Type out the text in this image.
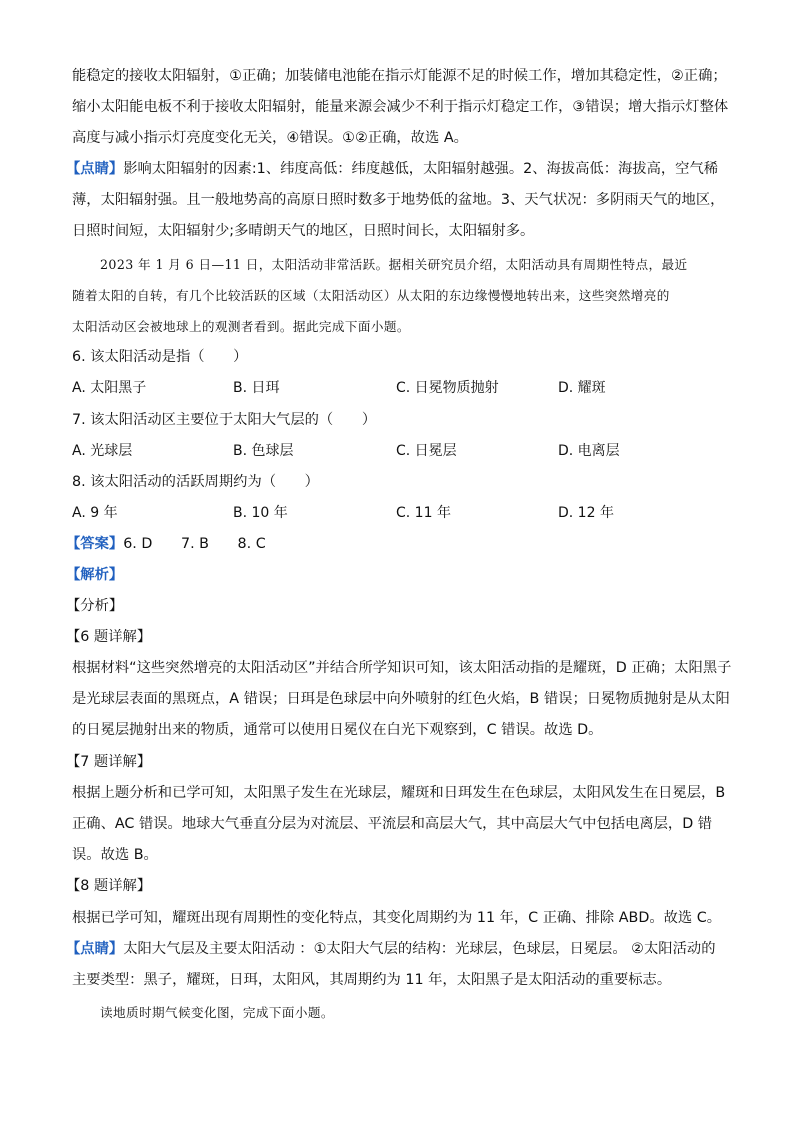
能稳定的接收太阳辐射，①正确；加装储电池能在指示灯能源不足的时候工作，增加其稳定性，②正确；
缩小太阳能电板不利于接收太阳辐射，能量来源会减少不利于指示灯稳定工作，③错误；增大指示灯整体
高度与减小指示灯亮度变化无关，④错误。①②正确，故选 A。
【点睛】影响太阳辐射的因素:1、纬度高低：纬度越低，太阳辐射越强。2、海拔高低：海拔高，空气稀
薄，太阳辐射强。且一般地势高的高原日照时数多于地势低的盆地。3、天气状况：多阴雨天气的地区，
日照时间短，太阳辐射少;多晴朗天气的地区，日照时间长，太阳辐射多。
2023 年 1 月 6 日—11 日，太阳活动非常活跃。据相关研究员介绍，太阳活动具有周期性特点，最近
随着太阳的自转，有几个比较活跃的区域（太阳活动区）从太阳的东边缘慢慢地转出来，这些突然增亮的
太阳活动区会被地球上的观测者看到。据此完成下面小题。
6. 该太阳活动是指（　　）
A. 太阳黑子	B. 日珥	C. 日冕物质抛射	D. 耀斑
7. 该太阳活动区主要位于太阳大气层的（　　）
A. 光球层	B. 色球层	C. 日冕层	D. 电离层
8. 该太阳活动的活跃周期约为（　　）
A. 9 年	B. 10 年	C. 11 年	D. 12 年
【答案】6. D　　7. B　　8. C
【解析】
【分析】
【6 题详解】
根据材料“这些突然增亮的太阳活动区”并结合所学知识可知，该太阳活动指的是耀斑，D 正确；太阳黑子
是光球层表面的黑斑点，A 错误；日珥是色球层中向外喷射的红色火焰，B 错误；日冕物质抛射是从太阳
的日冕层抛射出来的物质，通常可以使用日冕仪在白光下观察到，C 错误。故选 D。
【7 题详解】
根据上题分析和已学可知，太阳黑子发生在光球层，耀斑和日珥发生在色球层，太阳风发生在日冕层，B
正确、AC 错误。地球大气垂直分层为对流层、平流层和高层大气，其中高层大气中包括电离层，D 错
误。故选 B。
【8 题详解】
根据已学可知，耀斑出现有周期性的变化特点，其变化周期约为 11 年，C 正确、排除 ABD。故选 C。
【点睛】太阳大气层及主要太阳活动 ：①太阳大气层的结构：光球层，色球层，日冕层。 ②太阳活动的
主要类型：黑子，耀斑，日珥，太阳风，其周期约为 11 年，太阳黑子是太阳活动的重要标志。
读地质时期气候变化图，完成下面小题。
